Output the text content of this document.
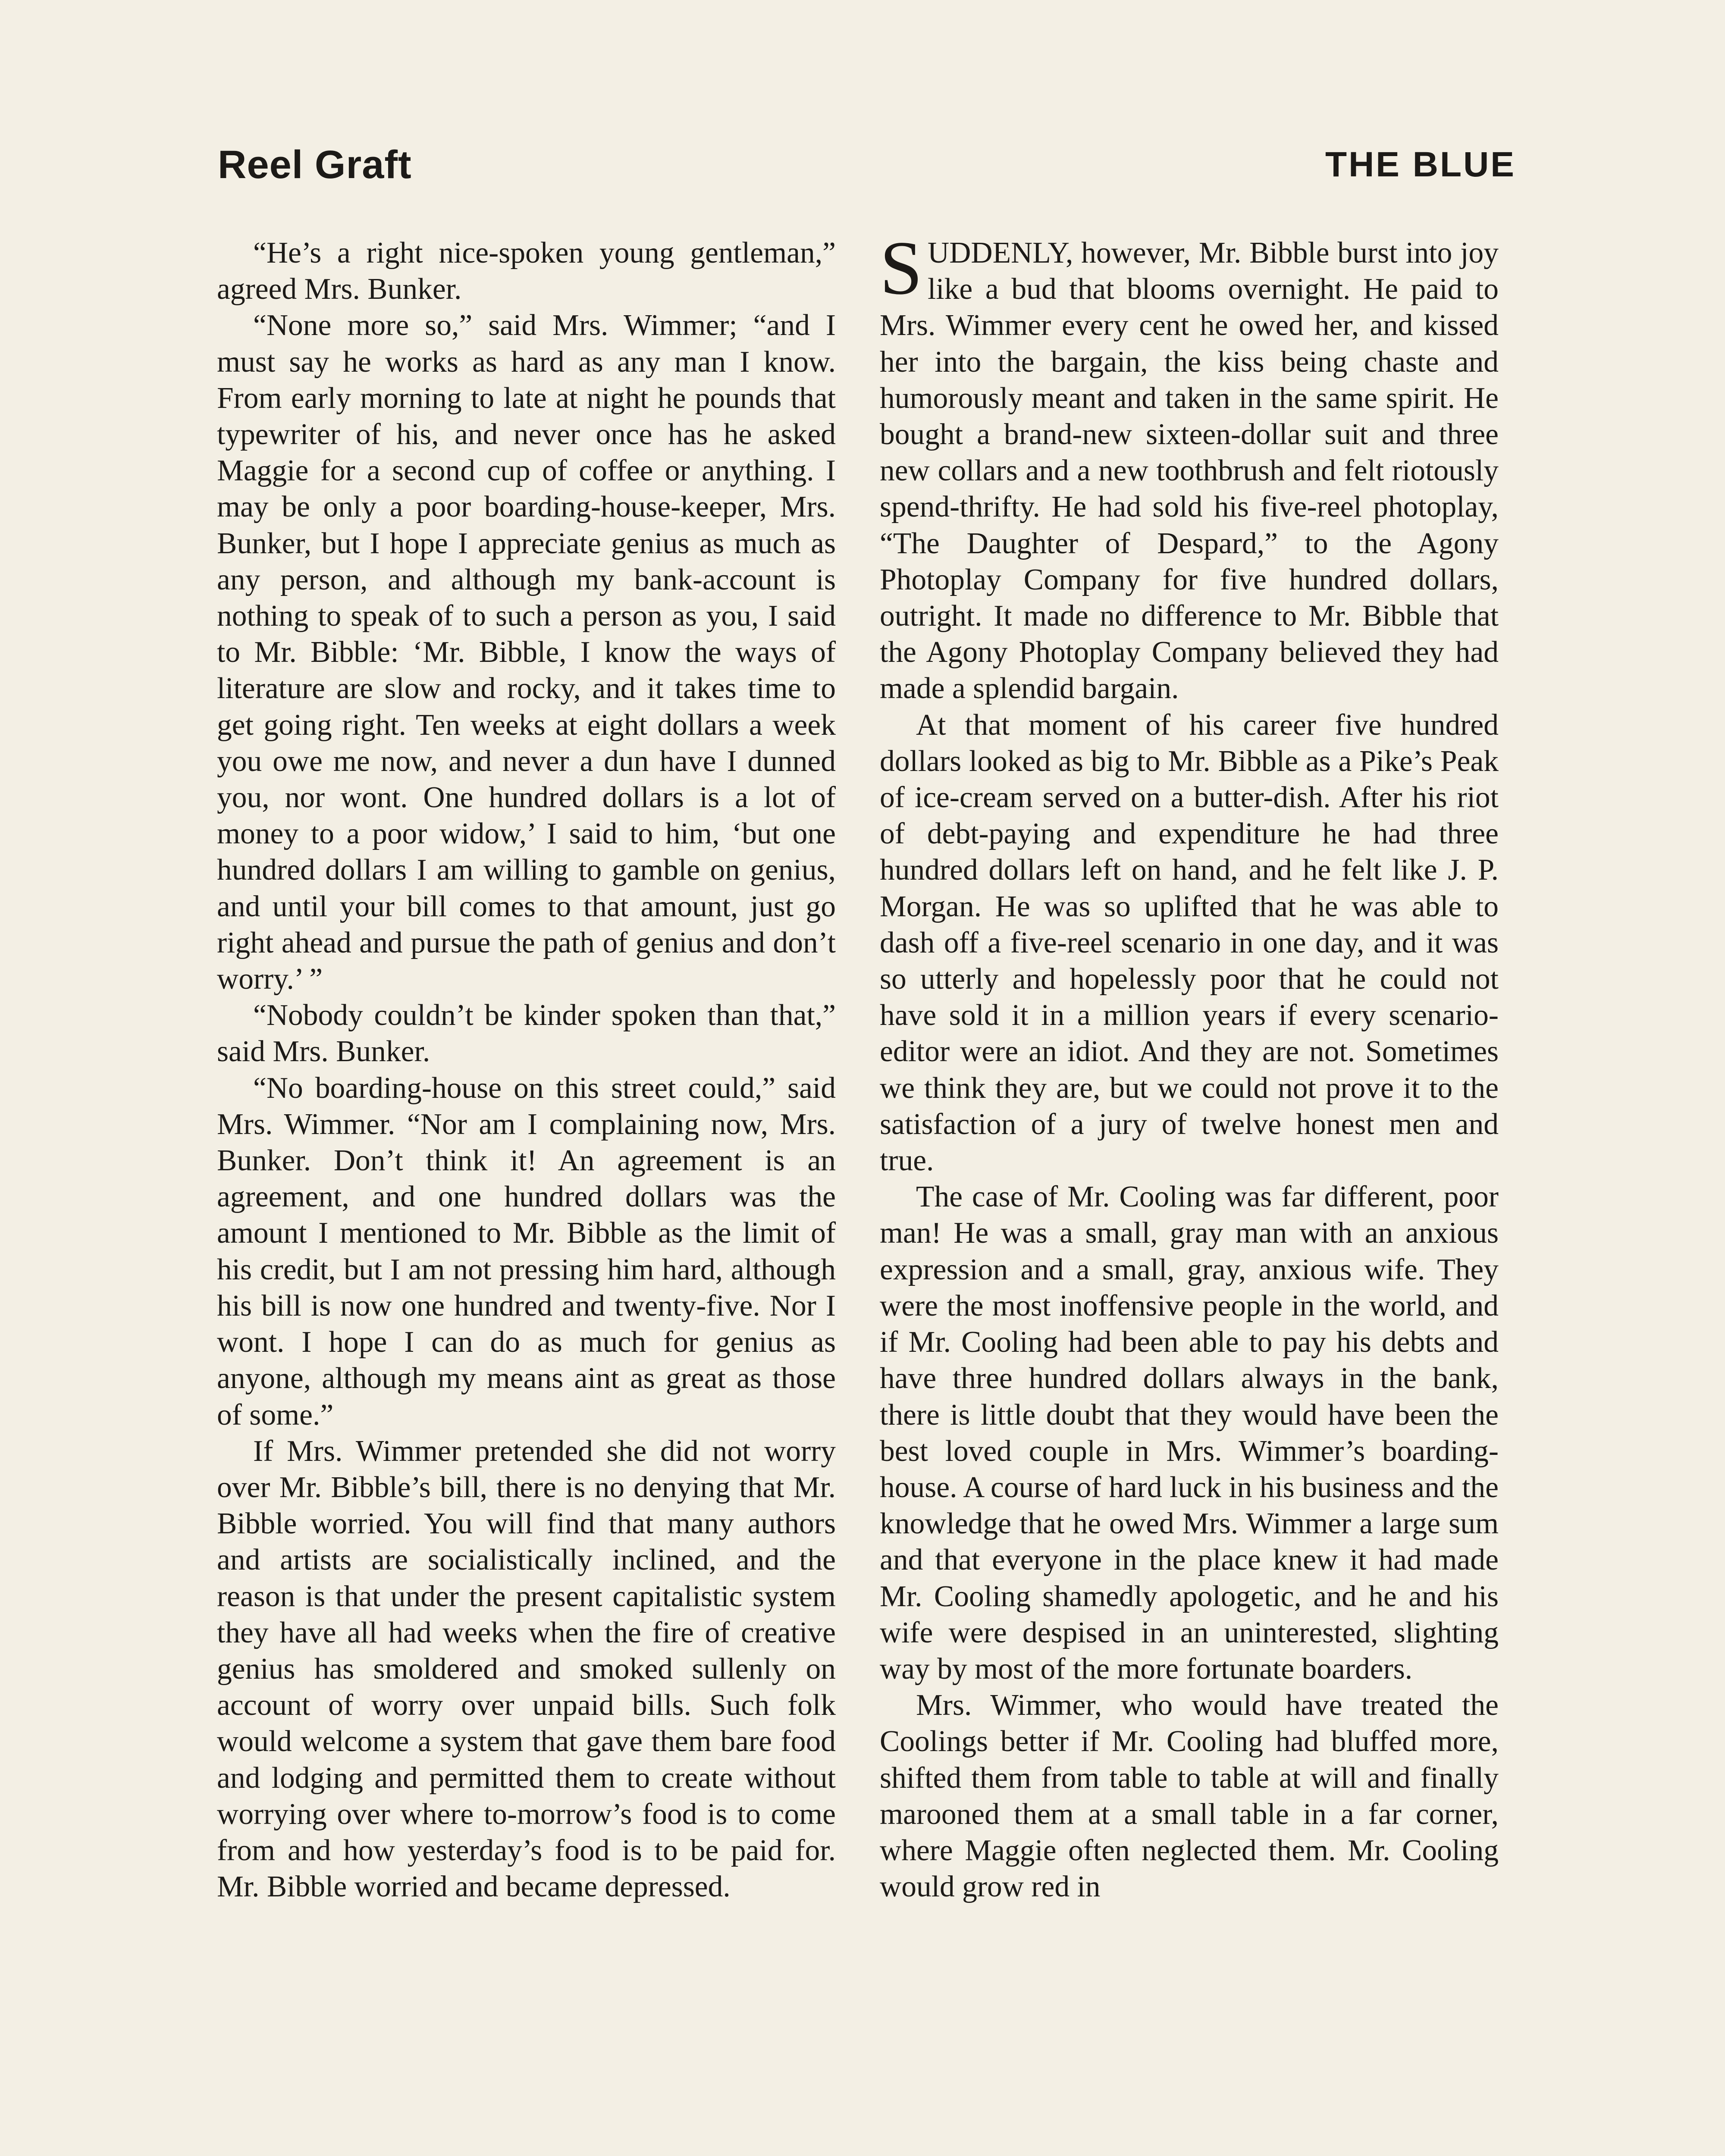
Reel Graft	THE BLUE

“He’s a right nice-spoken young gentleman,” agreed Mrs. Bunker.

“None more so,” said Mrs. Wimmer; “and I must say he works as hard as any man I know. From early morning to late at night he pounds that typewriter of his, and never once has he asked Maggie for a second cup of coffee or anything. I may be only a poor boarding-house-keeper, Mrs. Bunker, but I hope I appreciate genius as much as any person, and although my bank-account is nothing to speak of to such a person as you, I said to Mr. Bibble: ‘Mr. Bibble, I know the ways of literature are slow and rocky, and it takes time to get going right. Ten weeks at eight dollars a week you owe me now, and never a dun have I dunned you, nor wont. One hundred dollars is a lot of money to a poor widow,’ I said to him, ‘but one hundred dollars I am willing to gamble on genius, and until your bill comes to that amount, just go right ahead and pursue the path of genius and don’t worry.’ ”

“Nobody couldn’t be kinder spoken than that,” said Mrs. Bunker.

“No boarding-house on this street could,” said Mrs. Wimmer. “Nor am I complaining now, Mrs. Bunker. Don’t think it! An agreement is an agreement, and one hundred dollars was the amount I mentioned to Mr. Bibble as the limit of his credit, but I am not pressing him hard, although his bill is now one hundred and twenty-five. Nor I wont. I hope I can do as much for genius as anyone, although my means aint as great as those of some.”

If Mrs. Wimmer pretended she did not worry over Mr. Bibble’s bill, there is no denying that Mr. Bibble worried. You will find that many authors and artists are socialistically inclined, and the reason is that under the present capitalistic system they have all had weeks when the fire of creative genius has smoldered and smoked sullenly on account of worry over unpaid bills. Such folk would welcome a system that gave them bare food and lodging and permitted them to create without worrying over where to-morrow’s food is to come from and how yesterday’s food is to be paid for. Mr. Bibble worried and became depressed.

SUDDENLY, however, Mr. Bibble burst into joy like a bud that blooms overnight. He paid to Mrs. Wimmer every cent he owed her, and kissed her into the bargain, the kiss being chaste and humorously meant and taken in the same spirit. He bought a brand-new sixteen-dollar suit and three new collars and a new toothbrush and felt riotously spend-thrifty. He had sold his five-reel photoplay, “The Daughter of Despard,” to the Agony Photoplay Company for five hundred dollars, outright. It made no difference to Mr. Bibble that the Agony Photoplay Company believed they had made a splendid bargain.

At that moment of his career five hundred dollars looked as big to Mr. Bibble as a Pike’s Peak of ice-cream served on a butter-dish. After his riot of debt-paying and expenditure he had three hundred dollars left on hand, and he felt like J. P. Morgan. He was so uplifted that he was able to dash off a five-reel scenario in one day, and it was so utterly and hopelessly poor that he could not have sold it in a million years if every scenario-editor were an idiot. And they are not. Sometimes we think they are, but we could not prove it to the satisfaction of a jury of twelve honest men and true.

The case of Mr. Cooling was far different, poor man! He was a small, gray man with an anxious expression and a small, gray, anxious wife. They were the most inoffensive people in the world, and if Mr. Cooling had been able to pay his debts and have three hundred dollars always in the bank, there is little doubt that they would have been the best loved couple in Mrs. Wimmer’s boarding-house. A course of hard luck in his business and the knowledge that he owed Mrs. Wimmer a large sum and that everyone in the place knew it had made Mr. Cooling shamedly apologetic, and he and his wife were despised in an uninterested, slighting way by most of the more fortunate boarders.

Mrs. Wimmer, who would have treated the Coolings better if Mr. Cooling had bluffed more, shifted them from table to table at will and finally marooned them at a small table in a far corner, where Maggie often neglected them. Mr. Cooling would grow red in
